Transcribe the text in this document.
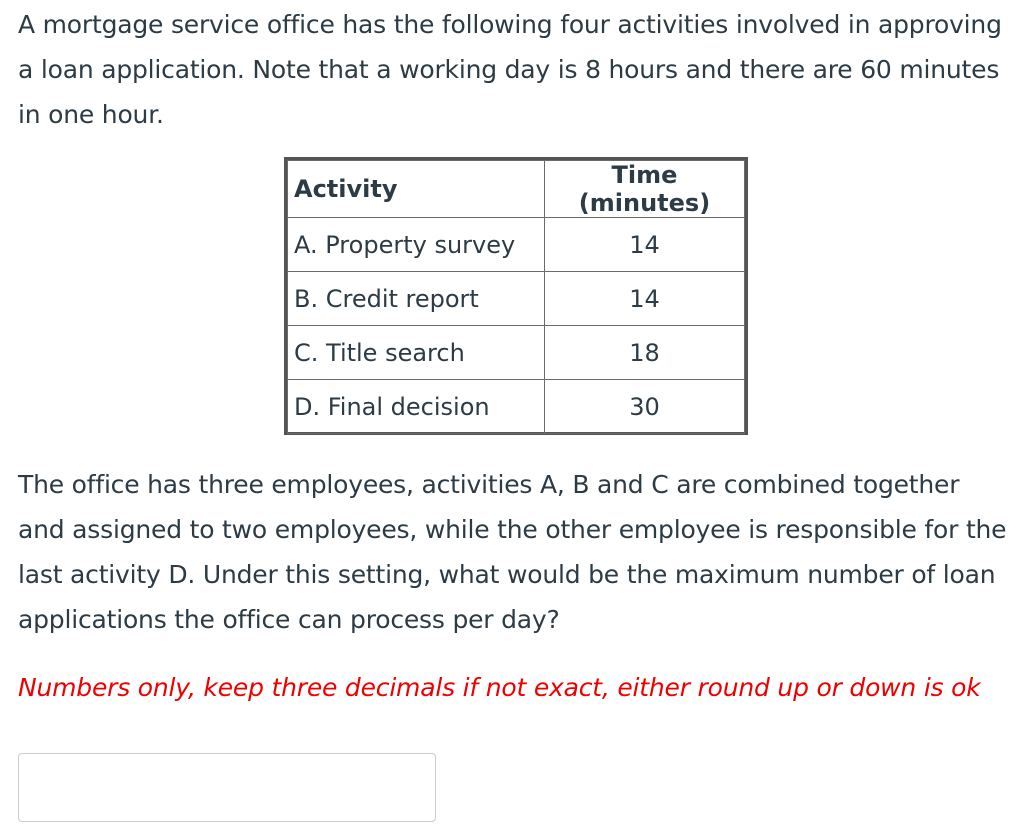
A mortgage service office has the following four activities involved in approving a loan application. Note that a working day is 8 hours and there are 60 minutes in one hour.

Activity	Time (minutes)
A. Property survey	14
B. Credit report	14
C. Title search	18
D. Final decision	30

The office has three employees, activities A, B and C are combined together and assigned to two employees, while the other employee is responsible for the last activity D. Under this setting, what would be the maximum number of loan applications the office can process per day?

Numbers only, keep three decimals if not exact, either round up or down is ok
